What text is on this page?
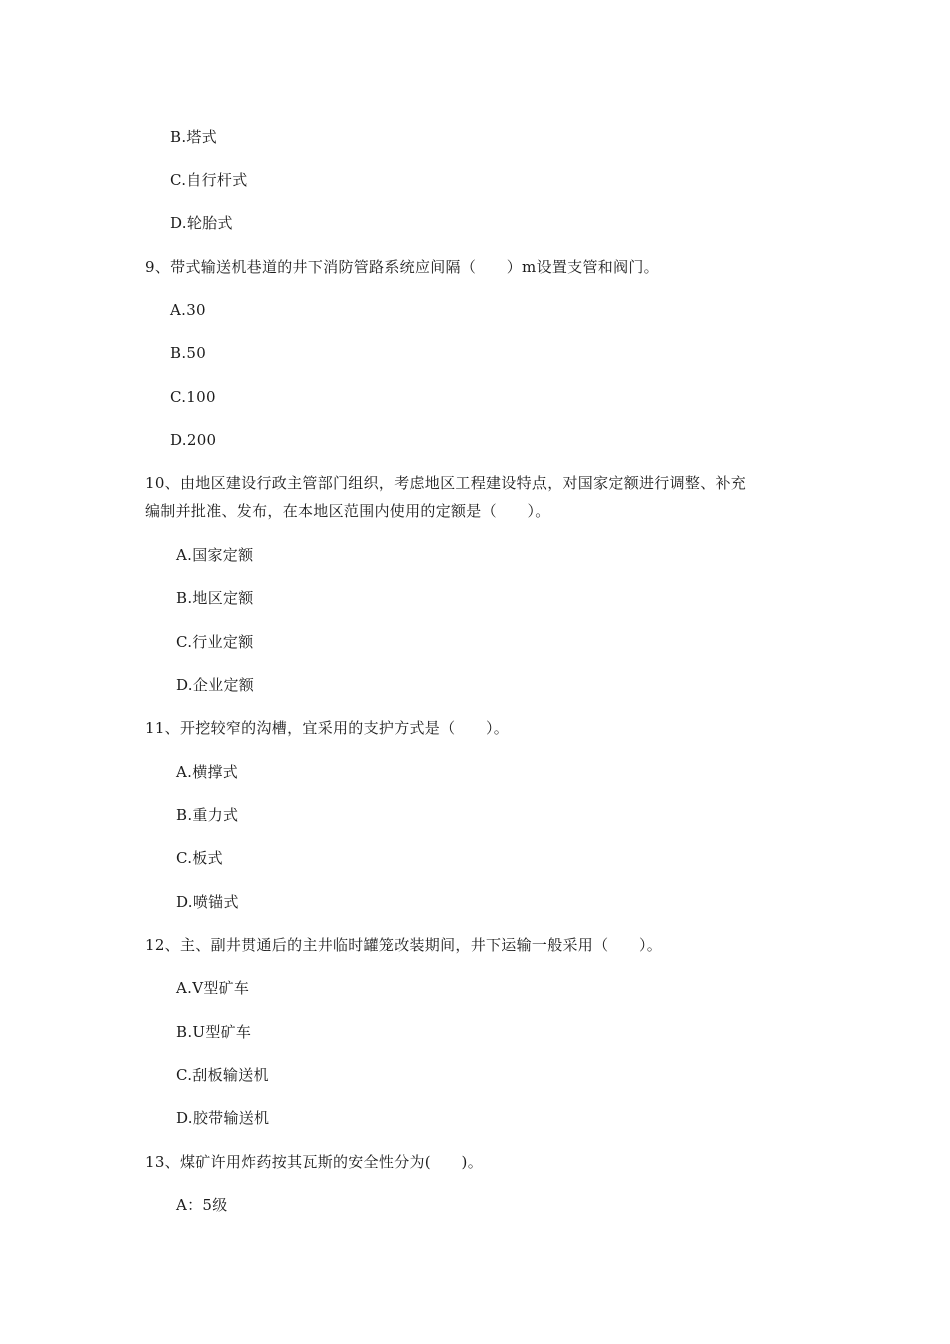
B.塔式
C.自行杆式
D.轮胎式
9、带式输送机巷道的井下消防管路系统应间隔（　　）m设置支管和阀门。
A.30
B.50
C.100
D.200
10、由地区建设行政主管部门组织，考虑地区工程建设特点，对国家定额进行调整、补充
编制并批准、发布，在本地区范围内使用的定额是（　　）。
A.国家定额
B.地区定额
C.行业定额
D.企业定额
11、开挖较窄的沟槽，宜采用的支护方式是（　　）。
A.横撑式
B.重力式
C.板式
D.喷锚式
12、主、副井贯通后的主井临时罐笼改装期间，井下运输一般采用（　　）。
A.V型矿车
B.U型矿车
C.刮板输送机
D.胶带输送机
13、煤矿许用炸药按其瓦斯的安全性分为(　　)。
A：5级
